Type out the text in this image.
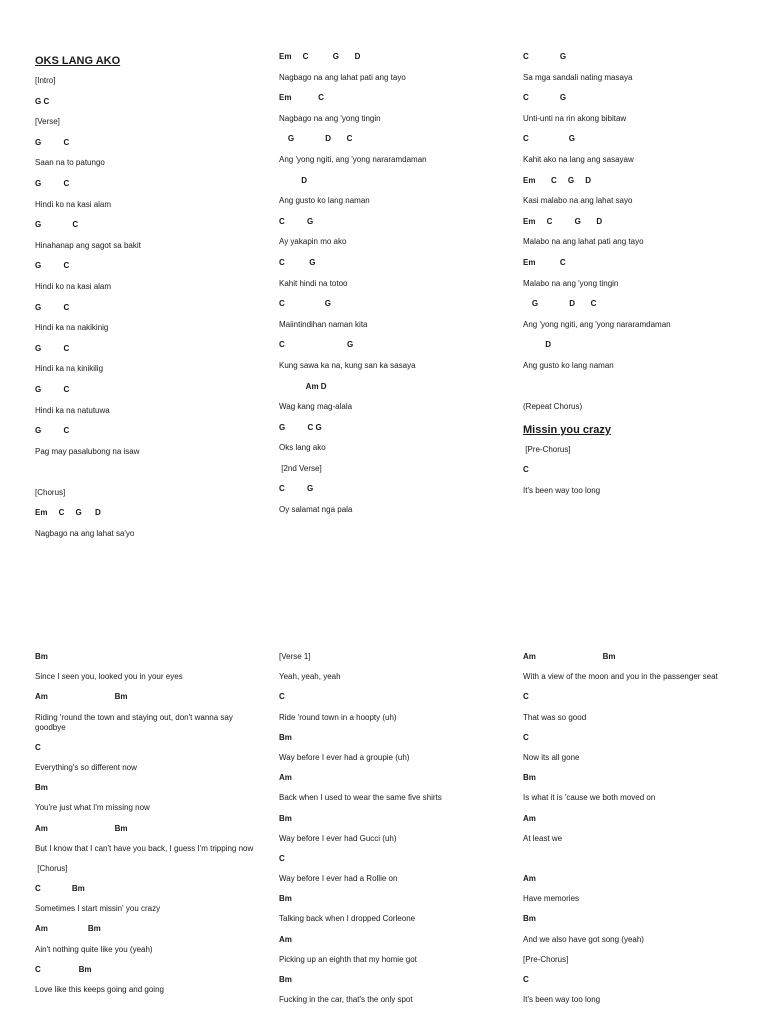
OKS LANG AKO
[Intro]
G C
[Verse]
G          C
Saan na to patungo
G          C
Hindi ko na kasi alam
G              C
Hinahanap ang sagot sa bakit
G          C
Hindi ko na kasi alam
G          C
Hindi ka na nakikinig
G          C
Hindi ka na kinikilig
G          C
Hindi ka na natutuwa
G          C
Pag may pasalubong na isaw
[Chorus]
Em     C     G      D
Nagbago na ang lahat sa'yo
Em     C           G       D
Nagbago na ang lahat pati ang tayo
Em            C
Nagbago na ang 'yong tingin
G              D       C
Ang 'yong ngiti, ang 'yong nararamdaman
D
Ang gusto ko lang naman
C          G
Ay yakapin mo ako
C           G
Kahit hindi na totoo
C                  G
Maiintindihan naman kita
C                            G
Kung sawa ka na, kung san ka sasaya
Am D
Wag kang mag-alala
G          C G
Oks lang ako
[2nd Verse]
C          G
Oy salamat nga pala
C              G
Sa mga sandali nating masaya
C              G
Unti-unti na rin akong bibitaw
C                  G
Kahit ako na lang ang sasayaw
Em       C     G     D
Kasi malabo na ang lahat sayo
Em     C          G       D
Malabo na ang lahat pati ang tayo
Em           C
Malabo na ang 'yong tingin
G              D       C
Ang 'yong ngiti, ang 'yong nararamdaman
D
Ang gusto ko lang naman
(Repeat Chorus)
Missin you crazy
[Pre-Chorus]
C
It's been way too long
Bm
Since I seen you, looked you in your eyes
Am                              Bm
Riding 'round the town and staying out, don't wanna say goodbye
C
Everything's so different now
Bm
You're just what I'm missing now
Am                              Bm
But I know that I can't have you back, I guess I'm tripping now
[Chorus]
C              Bm
Sometimes I start missin' you crazy
Am                  Bm
Ain't nothing quite like you (yeah)
C                 Bm
Love like this keeps going and going
[Verse 1]
Yeah, yeah, yeah
C
Ride 'round town in a hoopty (uh)
Bm
Way before I ever had a groupie (uh)
Am
Back when I used to wear the same five shirts
Bm
Way before I ever had Gucci (uh)
C
Way before I ever had a Rollie on
Bm
Talking back when I dropped Corleone
Am
Picking up an eighth that my homie got
Bm
Fucking in the car, that's the only spot
Am                              Bm
With a view of the moon and you in the passenger seat
C
That was so good
C
Now its all gone
Bm
Is what it is 'cause we both moved on
Am
At least we
Am
Have memories
Bm
And we also have got song (yeah)
[Pre-Chorus]
C
It's been way too long
